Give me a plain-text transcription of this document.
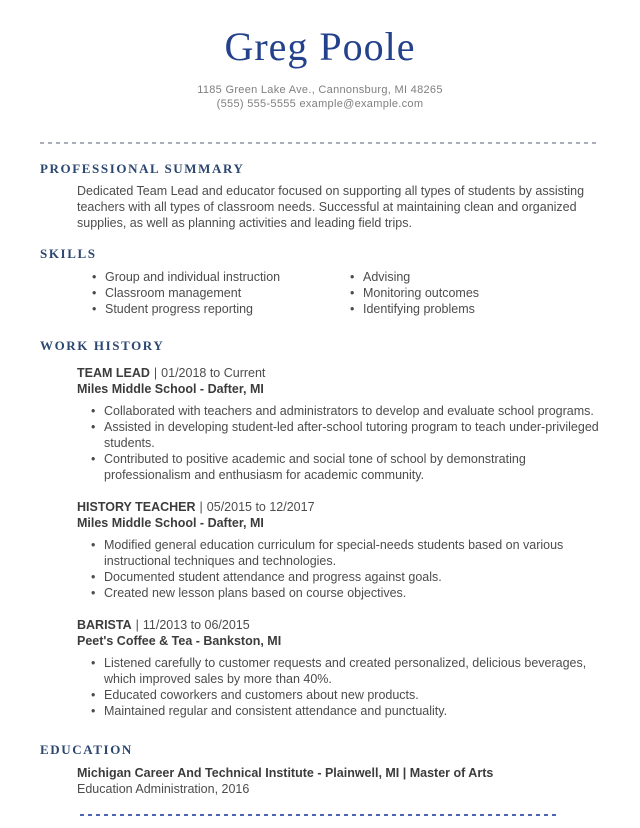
Greg Poole
1185 Green Lake Ave., Cannonsburg, MI 48265
(555) 555-5555 example@example.com
PROFESSIONAL SUMMARY

Dedicated Team Lead and educator focused on supporting all types of students by assisting teachers with all types of classroom needs. Successful at maintaining clean and organized supplies, as well as planning activities and leading field trips.

SKILLS
• Group and individual instruction
• Classroom management
• Student progress reporting
• Advising
• Monitoring outcomes
• Identifying problems
WORK HISTORY
TEAM LEAD | 01/2018 to Current
Miles Middle School - Dafter, MI
• Collaborated with teachers and administrators to develop and evaluate school programs.
• Assisted in developing student-led after-school tutoring program to teach under-privileged students.
• Contributed to positive academic and social tone of school by demonstrating professionalism and enthusiasm for academic community.
HISTORY TEACHER | 05/2015 to 12/2017
Miles Middle School - Dafter, MI
• Modified general education curriculum for special-needs students based on various instructional techniques and technologies.
• Documented student attendance and progress against goals.
• Created new lesson plans based on course objectives.
BARISTA | 11/2013 to 06/2015
Peet's Coffee & Tea - Bankston, MI
• Listened carefully to customer requests and created personalized, delicious beverages, which improved sales by more than 40%.
• Educated coworkers and customers about new products.
• Maintained regular and consistent attendance and punctuality.
EDUCATION
Michigan Career And Technical Institute - Plainwell, MI | Master of Arts
Education Administration, 2016
